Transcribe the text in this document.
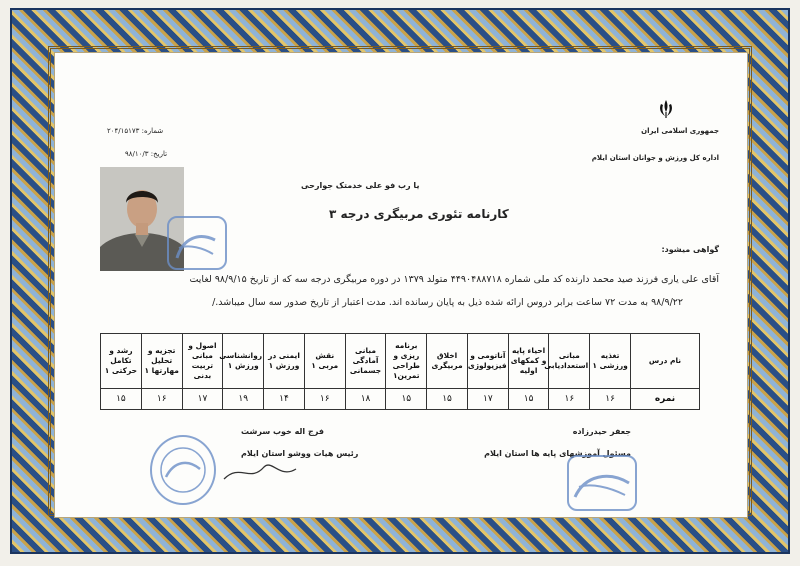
جمهوری اسلامی ایران
اداره کل ورزش و جوانان استان ایلام
شماره: ۲۰۴/۱۵۱۷۳
تاریخ: ۹۸/۱۰/۳
یا رب فو علی خدمتک جوارحی
کارنامه تئوری مربیگری درجه ۳
گواهی میشود:
آقای علی یاری فرزند صید محمد دارنده کد ملی شماره ۴۴۹۰۴۸۸۷۱۸ متولد ۱۳۷۹ در دوره مربیگری درجه سه که از تاریخ ۹۸/۹/۱۵ لغایت
۹۸/۹/۲۲ به مدت ۷۲ ساعت برابر دروس ارائه شده ذیل به پایان رسانده اند. مدت اعتبار از تاریخ صدور سه سال میباشد./
نام درس	تغذیه ورزشی ۱	مبانی استعدادیابی	احیاء پایه و کمکهای اولیه	آناتومی و فیزیولوژی	اخلاق مربیگری	برنامه ریزی و طراحی تمرین۱	مبانی آمادگی جسمانی	نقش مربی ۱	ایمنی در ورزش ۱	روانشناسی ورزش ۱	اصول و مبانی تربیت بدنی	تجزیه و تحلیل مهارتها ۱	رشد و تکامل حرکتی ۱
نمره	۱۶	۱۶	۱۵	۱۷	۱۵	۱۵	۱۸	۱۶	۱۴	۱۹	۱۷	۱۶	۱۵
جعفر حیدرزاده
مسئول آموزشهای پایه ها استان ایلام
فرج اله خوب سرشت
رئیس هیات ووشو استان ایلام
